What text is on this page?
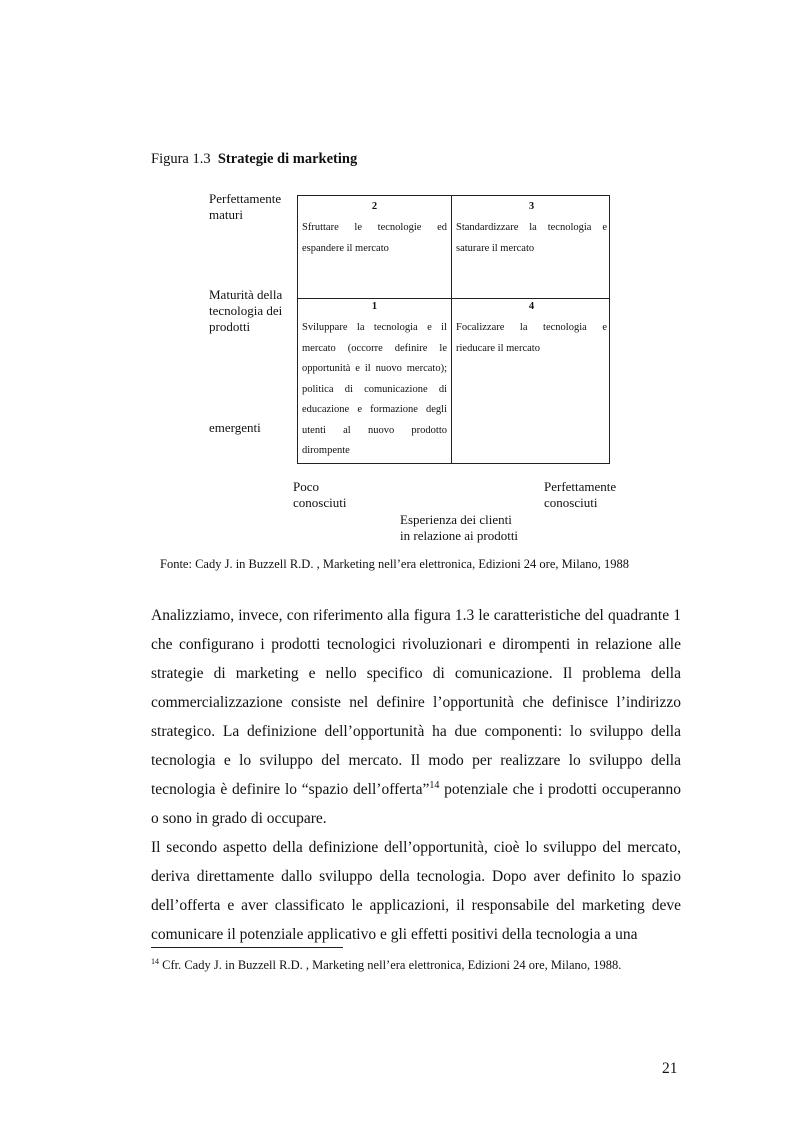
Figura 1.3 Strategie di marketing
Perfettamente
maturi
Maturità della
tecnologia dei
prodotti
emergenti
2
Sfruttare le tecnologie ed espandere il mercato
3
Standardizzare la tecnologia e saturare il mercato
1
Sviluppare la tecnologia e il mercato (occorre definire le opportunità e il nuovo mercato); politica di comunicazione di educazione e formazione degli utenti al nuovo prodotto dirompente
4
Focalizzare la tecnologia e rieducare il mercato
Poco
conosciuti
Perfettamente
conosciuti
Esperienza dei clienti
in relazione ai prodotti
Fonte: Cady J. in Buzzell R.D. , Marketing nell’era elettronica, Edizioni 24 ore, Milano, 1988

Analizziamo, invece, con riferimento alla figura 1.3 le caratteristiche del quadrante 1 che configurano i prodotti tecnologici rivoluzionari e dirompenti in relazione alle strategie di marketing e nello specifico di comunicazione. Il problema della commercializzazione consiste nel definire l’opportunità che definisce l’indirizzo strategico. La definizione dell’opportunità ha due componenti: lo sviluppo della tecnologia e lo sviluppo del mercato. Il modo per realizzare lo sviluppo della tecnologia è definire lo “spazio dell’offerta”$^{14}$ potenziale che i prodotti occuperanno o sono in grado di occupare.

Il secondo aspetto della definizione dell’opportunità, cioè lo sviluppo del mercato, deriva direttamente dallo sviluppo della tecnologia. Dopo aver definito lo spazio dell’offerta e aver classificato le applicazioni, il responsabile del marketing deve comunicare il potenziale applicativo e gli effetti positivi della tecnologia a una

$^{14}$ Cfr. Cady J. in Buzzell R.D. , Marketing nell’era elettronica, Edizioni 24 ore, Milano, 1988.
21
